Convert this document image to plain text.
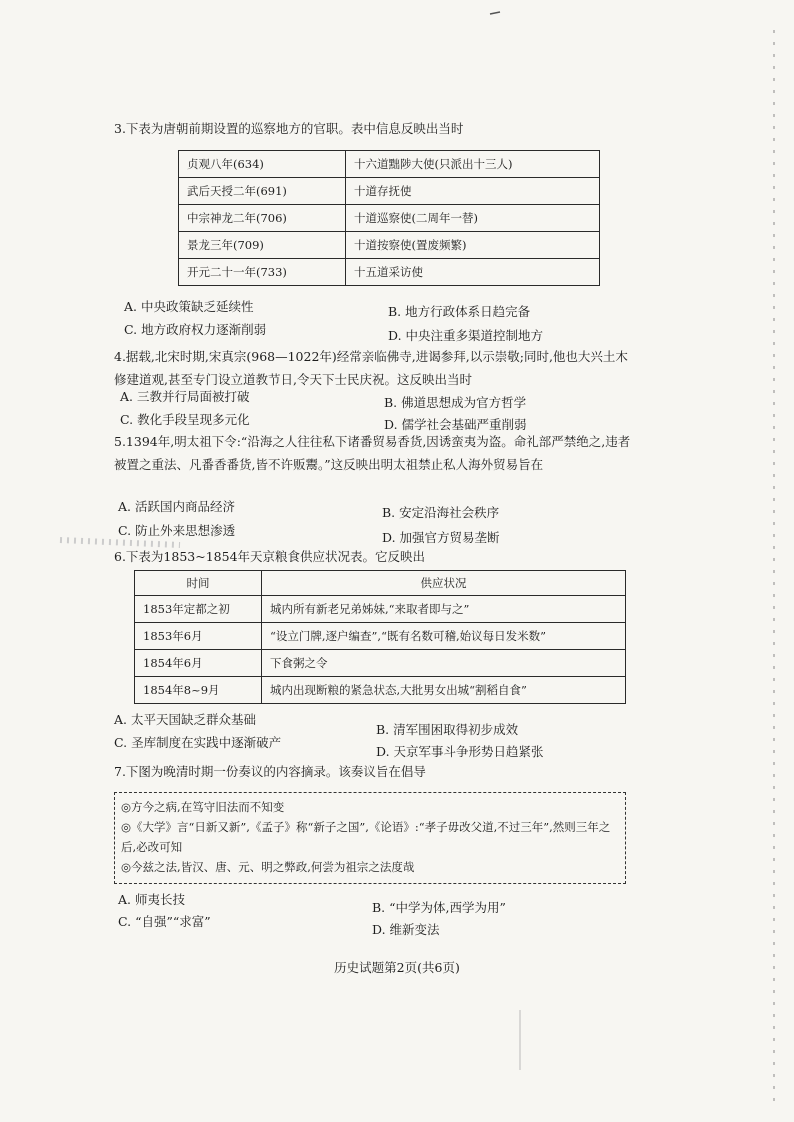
3.下表为唐朝前期设置的巡察地方的官职。表中信息反映出当时
贞观八年(634)	十六道黜陟大使(只派出十三人)
武后天授二年(691)	十道存抚使
中宗神龙二年(706)	十道巡察使(二周年一替)
景龙三年(709)	十道按察使(置废频繁)
开元二十一年(733)	十五道采访使
A. 中央政策缺乏延续性	B. 地方行政体系日趋完备
C. 地方政府权力逐渐削弱	D. 中央注重多渠道控制地方
4.据载,北宋时期,宋真宗(968—1022年)经常亲临佛寺,进谒参拜,以示崇敬;同时,他也大兴土木修建道观,甚至专门设立道教节日,令天下士民庆祝。这反映出当时
A. 三教并行局面被打破	B. 佛道思想成为官方哲学
C. 教化手段呈现多元化	D. 儒学社会基础严重削弱
5.1394年,明太祖下令:“沿海之人往往私下诸番贸易香货,因诱蛮夷为盗。命礼部严禁绝之,违者被置之重法、凡番香番货,皆不许贩鬻。”这反映出明太祖禁止私人海外贸易旨在
A. 活跃国内商品经济	B. 安定沿海社会秩序
C. 防止外来思想渗透	D. 加强官方贸易垄断
6.下表为1853~1854年天京粮食供应状况表。它反映出
时间	供应状况
1853年定都之初	城内所有新老兄弟姊妹,“来取者即与之”
1853年6月	“设立门牌,逐户编查”,“既有名数可稽,始议每日发米数”
1854年6月	下食粥之令
1854年8~9月	城内出现断粮的紧急状态,大批男女出城“割稻自食”
A. 太平天国缺乏群众基础
B. 清军围困取得初步成效
C. 圣库制度在实践中逐渐破产
D. 天京军事斗争形势日趋紧张
7.下图为晚清时期一份奏议的内容摘录。该奏议旨在倡导
◎方今之病,在笃守旧法而不知变
◎《大学》言“日新又新”,《孟子》称“新子之国”,《论语》:“孝子毋改父道,不过三年”,然则三年之后,必改可知
◎今兹之法,皆汉、唐、元、明之弊政,何尝为祖宗之法度哉
A. 师夷长技
B. “中学为体,西学为用”
C. “自强”“求富”
D. 维新变法
历史试题第2页(共6页)
